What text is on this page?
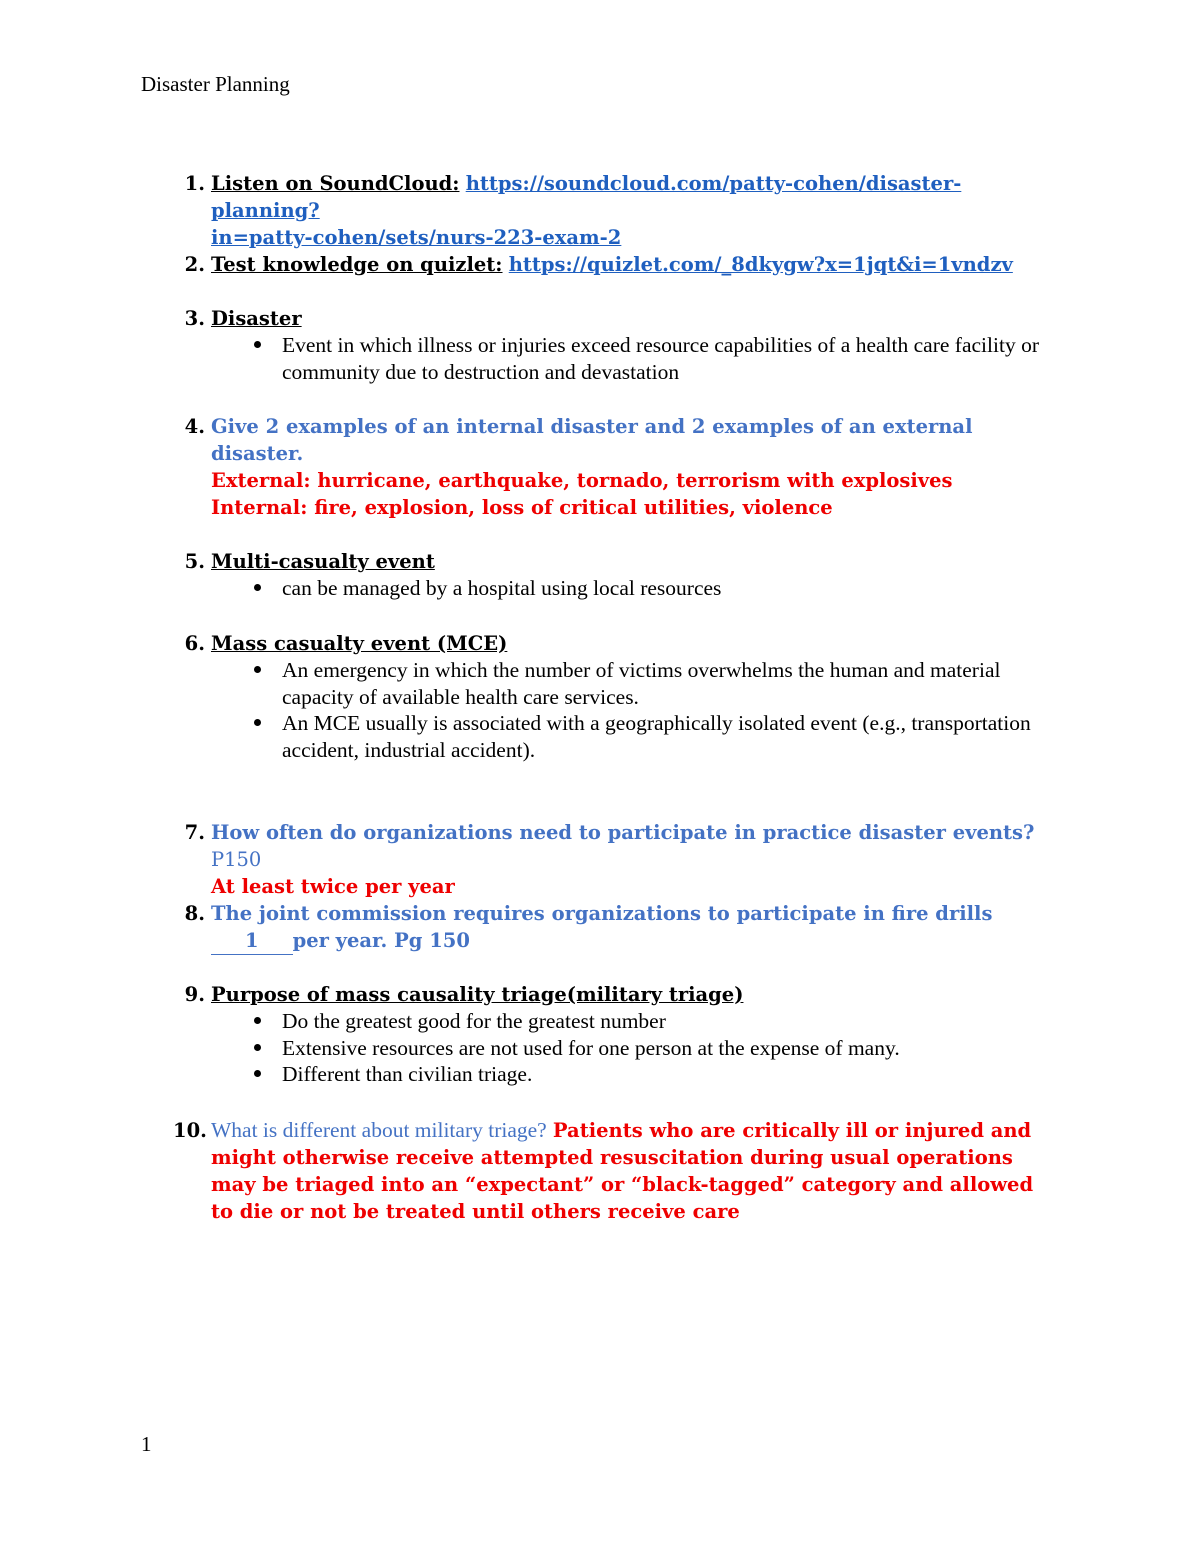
Disaster Planning
1. Listen on SoundCloud: https://soundcloud.com/patty-cohen/disaster-planning?
in=patty-cohen/sets/nurs-223-exam-2
2. Test knowledge on quizlet: https://quizlet.com/_8dkygw?x=1jqt&i=1vndzv
3. Disaster
Event in which illness or injuries exceed resource capabilities of a health care facility or community due to destruction and devastation
4. Give 2 examples of an internal disaster and 2 examples of an external disaster.
External: hurricane, earthquake, tornado, terrorism with explosives
Internal: fire, explosion, loss of critical utilities, violence
5. Multi-casualty event
can be managed by a hospital using local resources
6. Mass casualty event (MCE)
An emergency in which the number of victims overwhelms the human and material capacity of available health care services.
An MCE usually is associated with a geographically isolated event (e.g., transportation accident, industrial accident).
7. How often do organizations need to participate in practice disaster events? P150
At least twice per year
8. The joint commission requires organizations to participate in fire drills1 per year. Pg 150
9. Purpose of mass causality triage(military triage)
Do the greatest good for the greatest number
Extensive resources are not used for one person at the expense of many.
Different than civilian triage.
10. What is different about military triage? Patients who are critically ill or injured and might otherwise receive attempted resuscitation during usual operations may be triaged into an “expectant” or “black-tagged” category and allowed to die or not be treated until others receive care
1
